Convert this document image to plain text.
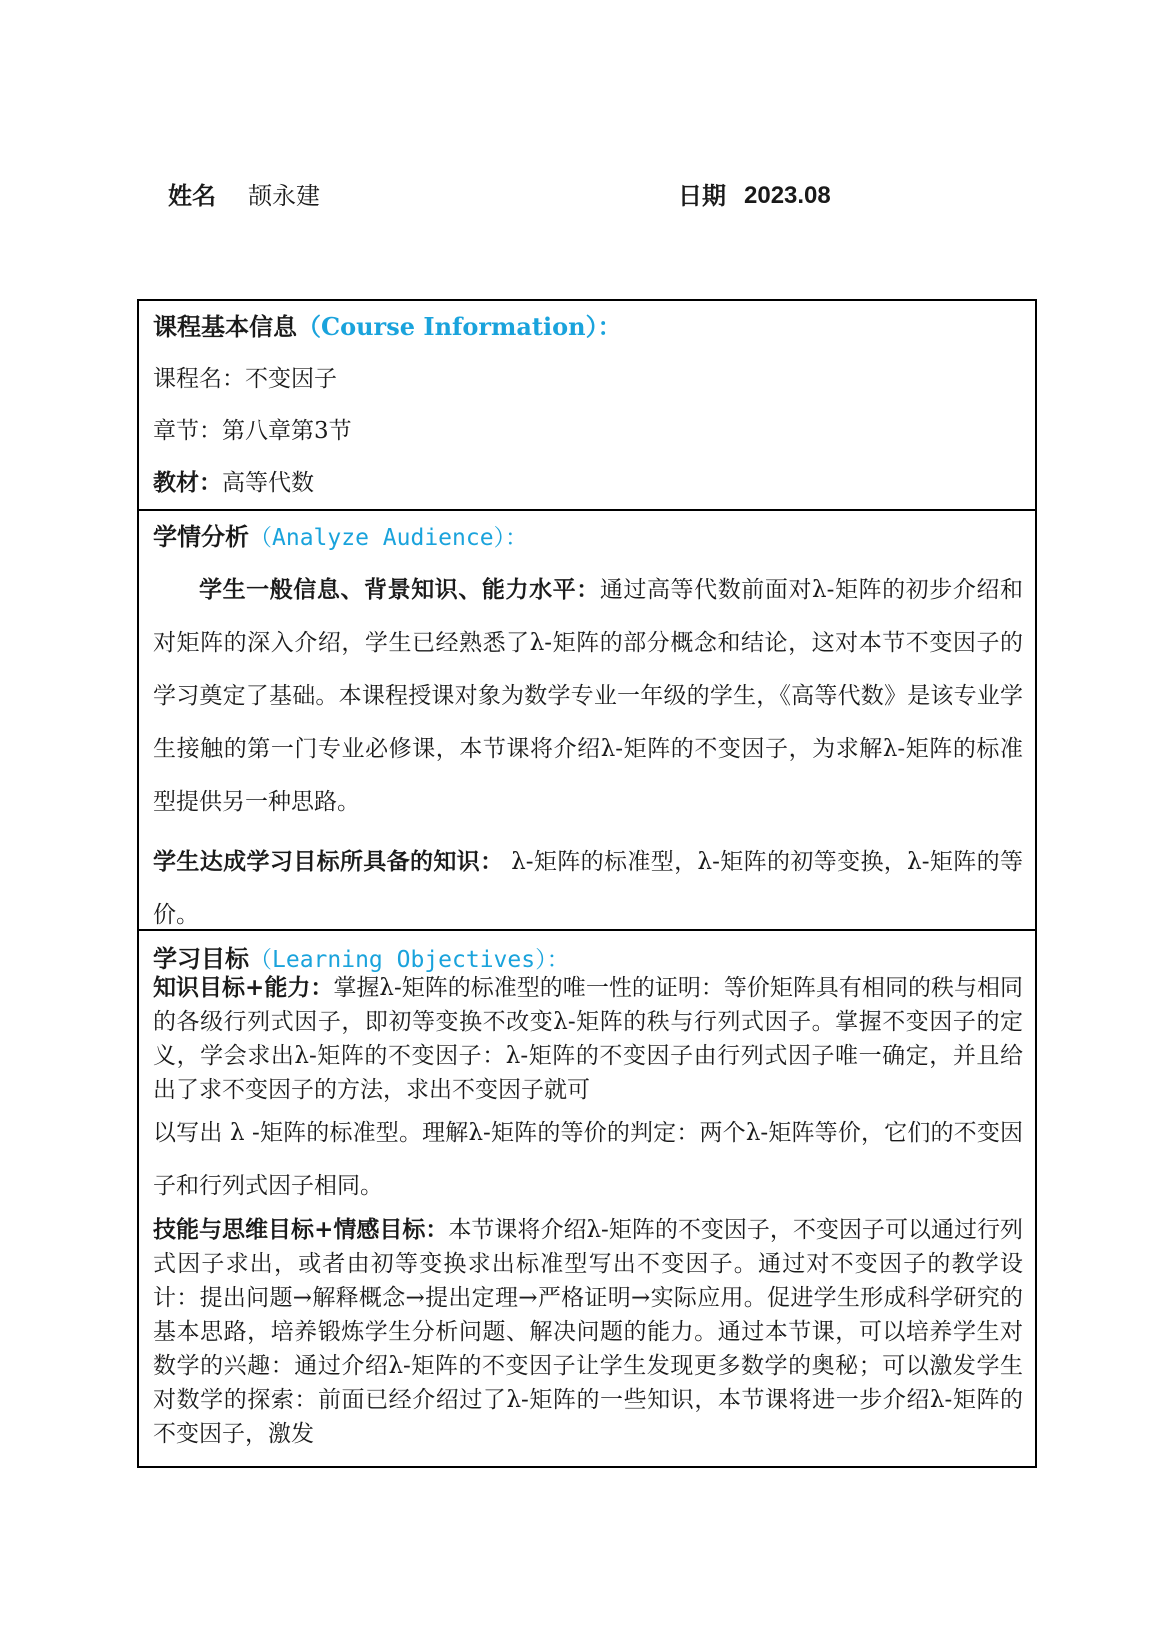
姓名 颉永建	日期 2023.08
课程基本信息（Course Information）：
课程名：不变因子
章节：第八章第3节
教材：高等代数
学情分析（Analyze Audience）：

学生一般信息、背景知识、能力水平：通过高等代数前面对λ-矩阵的初步介绍和对矩阵的深入介绍，学生已经熟悉了λ-矩阵的部分概念和结论，这对本节不变因子的学习奠定了基础。本课程授课对象为数学专业一年级的学生，《高等代数》是该专业学生接触的第一门专业必修课，本节课将介绍λ-矩阵的不变因子，为求解λ-矩阵的标准型提供另一种思路。

学生达成学习目标所具备的知识： λ-矩阵的标准型，λ-矩阵的初等变换，λ-矩阵的等价。

学习目标（Learning Objectives）：

知识目标+能力：掌握λ-矩阵的标准型的唯一性的证明：等价矩阵具有相同的秩与相同的各级行列式因子，即初等变换不改变λ-矩阵的秩与行列式因子。掌握不变因子的定义，学会求出λ-矩阵的不变因子：λ-矩阵的不变因子由行列式因子唯一确定，并且给出了求不变因子的方法，求出不变因子就可

以写出 λ -矩阵的标准型。理解λ-矩阵的等价的判定：两个λ-矩阵等价，它们的不变因子和行列式因子相同。

技能与思维目标+情感目标：本节课将介绍λ-矩阵的不变因子，不变因子可以通过行列式因子求出，或者由初等变换求出标准型写出不变因子。通过对不变因子的教学设计：提出问题→解释概念→提出定理→严格证明→实际应用。促进学生形成科学研究的基本思路，培养锻炼学生分析问题、解决问题的能力。通过本节课，可以培养学生对数学的兴趣：通过介绍λ-矩阵的不变因子让学生发现更多数学的奥秘；可以激发学生对数学的探索：前面已经介绍过了λ-矩阵的一些知识，本节课将进一步介绍λ-矩阵的不变因子，激发
